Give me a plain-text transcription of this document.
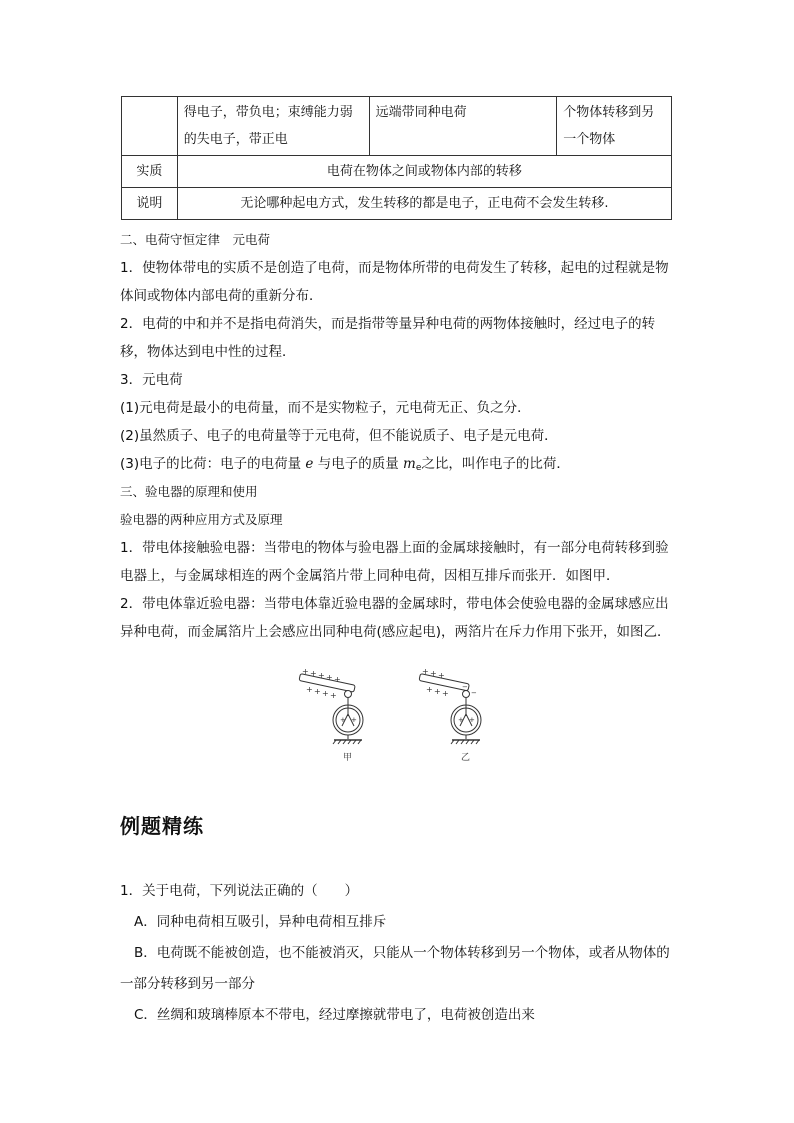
	得电子，带负电；束缚能力弱的失电子，带正电	远端带同种电荷	个物体转移到另一个物体
实质	电荷在物体之间或物体内部的转移		
说明	无论哪种起电方式，发生转移的都是电子，正电荷不会发生转移.		
二、电荷守恒定律　元电荷
1．使物体带电的实质不是创造了电荷，而是物体所带的电荷发生了转移，起电的过程就是物体间或物体内部电荷的重新分布．
2．电荷的中和并不是指电荷消失，而是指带等量异种电荷的两物体接触时，经过电子的转移，物体达到电中性的过程．
3．元电荷
(1)元电荷是最小的电荷量，而不是实物粒子，元电荷无正、负之分．
(2)虽然质子、电子的电荷量等于元电荷，但不能说质子、电子是元电荷．
(3)电子的比荷：电子的电荷量 e 与电子的质量 $m_e$之比，叫作电子的比荷．
三、验电器的原理和使用
验电器的两种应用方式及原理
1．带电体接触验电器：当带电的物体与验电器上面的金属球接触时，有一部分电荷转移到验电器上，与金属球相连的两个金属箔片带上同种电荷，因相互排斥而张开．如图甲．
2．带电体靠近验电器：当带电体靠近验电器的金属球时，带电体会使验电器的金属球感应出异种电荷，而金属箔片上会感应出同种电荷(感应起电)，两箔片在斥力作用下张开，如图乙．
+ + + + +
+ + + +
+ +
甲
+ + +
+ + +
−
−
+ +
乙
例题精练
1．关于电荷，下列说法正确的（　　）
A．同种电荷相互吸引，异种电荷相互排斥
B．电荷既不能被创造，也不能被消灭，只能从一个物体转移到另一个物体，或者从物体的一部分转移到另一部分
C．丝绸和玻璃棒原本不带电，经过摩擦就带电了，电荷被创造出来
